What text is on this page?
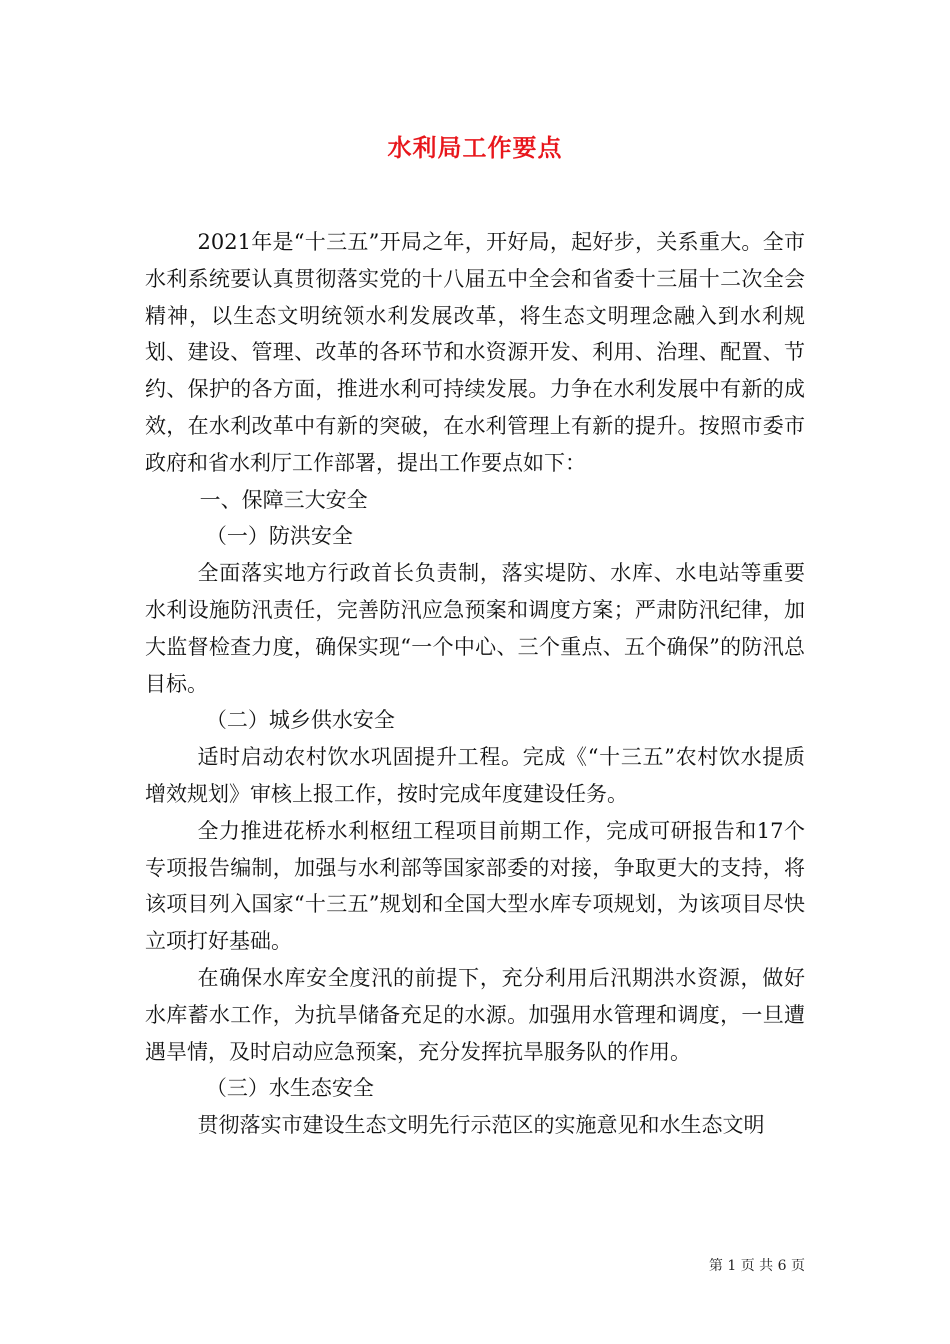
水利局工作要点

2021年是“十三五”开局之年，开好局，起好步，关系重大。全市水利系统要认真贯彻落实党的十八届五中全会和省委十三届十二次全会精神，以生态文明统领水利发展改革，将生态文明理念融入到水利规划、建设、管理、改革的各环节和水资源开发、利用、治理、配置、节约、保护的各方面，推进水利可持续发展。力争在水利发展中有新的成效，在水利改革中有新的突破，在水利管理上有新的提升。按照市委市政府和省水利厅工作部署，提出工作要点如下：

一、保障三大安全

（一）防洪安全

全面落实地方行政首长负责制，落实堤防、水库、水电站等重要水利设施防汛责任，完善防汛应急预案和调度方案；严肃防汛纪律，加大监督检查力度，确保实现“一个中心、三个重点、五个确保”的防汛总目标。

（二）城乡供水安全

适时启动农村饮水巩固提升工程。完成《“十三五”农村饮水提质增效规划》审核上报工作，按时完成年度建设任务。

全力推进花桥水利枢纽工程项目前期工作，完成可研报告和17个专项报告编制，加强与水利部等国家部委的对接，争取更大的支持，将该项目列入国家“十三五”规划和全国大型水库专项规划，为该项目尽快立项打好基础。

在确保水库安全度汛的前提下，充分利用后汛期洪水资源，做好水库蓄水工作，为抗旱储备充足的水源。加强用水管理和调度，一旦遭遇旱情，及时启动应急预案，充分发挥抗旱服务队的作用。

（三）水生态安全

贯彻落实市建设生态文明先行示范区的实施意见和水生态文明

第 1 页 共 6 页
